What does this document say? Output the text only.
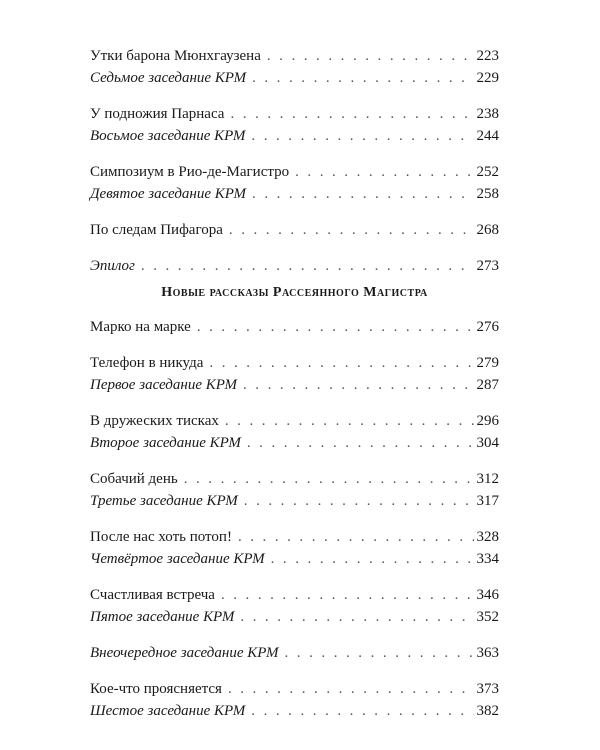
Утки барона Мюнхгаузена . . .	223
Седьмое заседание КРМ . . .	229
У подножия Парнаса . . .	238
Восьмое заседание КРМ . . .	244
Симпозиум в Рио-де-Магистро . . .	252
Девятое заседание КРМ . . .	258
По следам Пифагора . . .	268
Эпилог . . .	273
Новые рассказы Рассеянного Магистра
Марко на марке . . .	276
Телефон в никуда . . .	279
Первое заседание КРМ . . .	287
В дружеских тисках . . .	296
Второе заседание КРМ . . .	304
Собачий день . . .	312
Третье заседание КРМ . . .	317
После нас хоть потоп! . . .	328
Четвёртое заседание КРМ . . .	334
Счастливая встреча . . .	346
Пятое заседание КРМ . . .	352
Внеочередное заседание КРМ . . .	363
Кое-что проясняется . . .	373
Шестое заседание КРМ . . .	382
